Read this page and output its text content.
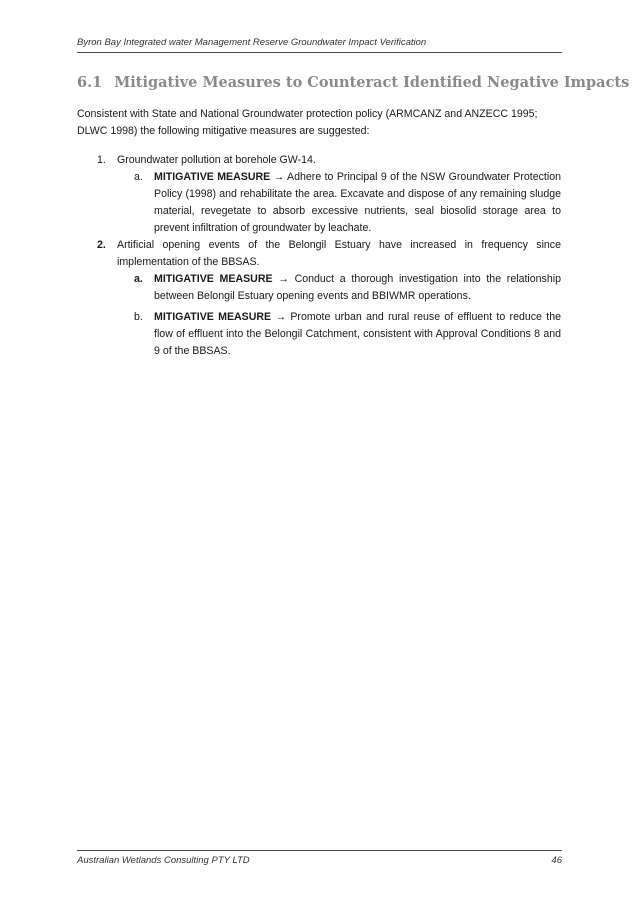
Byron Bay Integrated water Management Reserve Groundwater Impact Verification
6.1 Mitigative Measures to Counteract Identified Negative Impacts

Consistent with State and National Groundwater protection policy (ARMCANZ and ANZECC 1995;
DLWC 1998) the following mitigative measures are suggested:

1.	Groundwater pollution at borehole GW-14.
a.	MITIGATIVE MEASURE → Adhere to Principal 9 of the NSW Groundwater Protection Policy (1998) and rehabilitate the area. Excavate and dispose of any remaining sludge material, revegetate to absorb excessive nutrients, seal biosolid storage area to prevent infiltration of groundwater by leachate.
2.	Artificial opening events of the Belongil Estuary have increased in frequency since implementation of the BBSAS.
a.	MITIGATIVE MEASURE → Conduct a thorough investigation into the relationship between Belongil Estuary opening events and BBIWMR operations.
b.	MITIGATIVE MEASURE → Promote urban and rural reuse of effluent to reduce the flow of effluent into the Belongil Catchment, consistent with Approval Conditions 8 and 9 of the BBSAS.
Australian Wetlands Consulting PTY LTD	46
